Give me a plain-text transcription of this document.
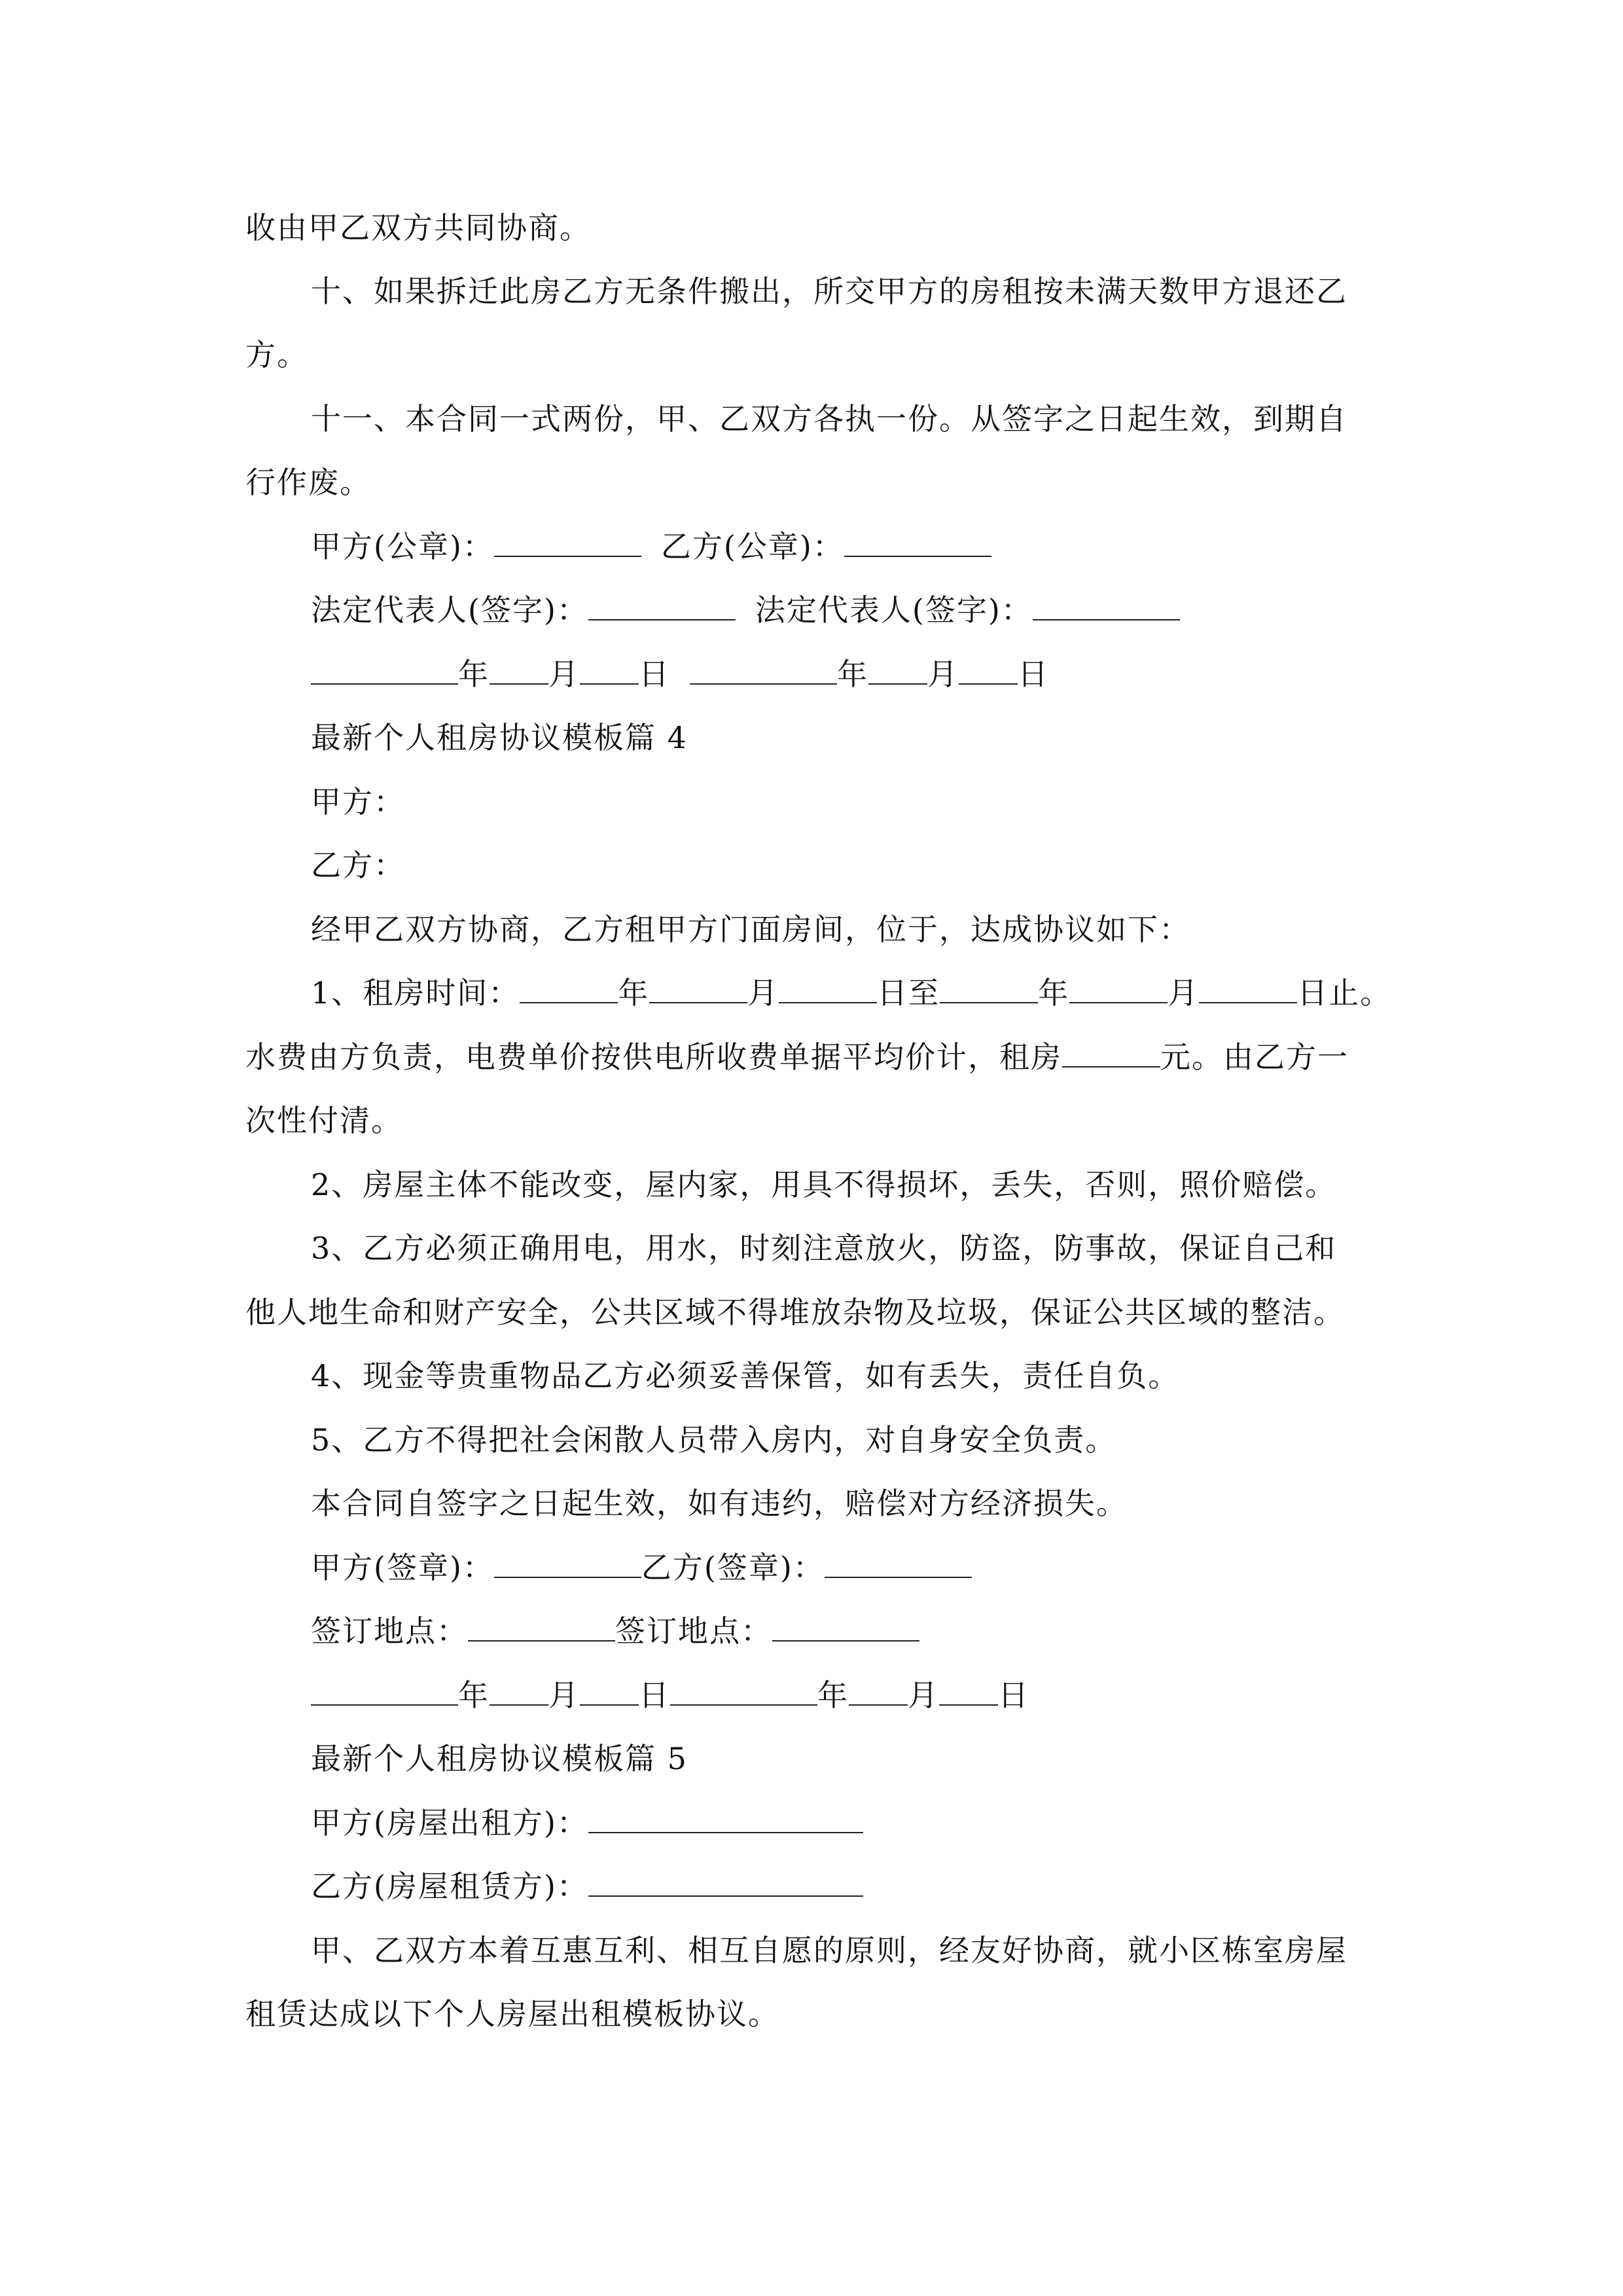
收由甲乙双方共同协商。
十、如果拆迁此房乙方无条件搬出，所交甲方的房租按未满天数甲方退还乙
方。
十一、本合同一式两份，甲、乙双方各执一份。从签字之日起生效，到期自
行作废。
甲方(公章)：	乙方(公章)：
法定代表人(签字)：	法定代表人(签字)：
年 月 日	年 月 日
最新个人租房协议模板篇 4
甲方：
乙方：
经甲乙双方协商，乙方租甲方门面房间，位于，达成协议如下：
1、租房时间：	年	月	日至	年	月	日止。
水费由方负责，电费单价按供电所收费单据平均价计，租房	元。由乙方一
次性付清。
2、房屋主体不能改变，屋内家，用具不得损坏，丢失，否则，照价赔偿。
3、乙方必须正确用电，用水，时刻注意放火，防盗，防事故，保证自己和
他人地生命和财产安全，公共区域不得堆放杂物及垃圾，保证公共区域的整洁。
4、现金等贵重物品乙方必须妥善保管，如有丢失，责任自负。
5、乙方不得把社会闲散人员带入房内，对自身安全负责。
本合同自签字之日起生效，如有违约，赔偿对方经济损失。
甲方(签章)：	乙方(签章)：
签订地点：	签订地点：
年 月 日	年 月 日
最新个人租房协议模板篇 5
甲方(房屋出租方)：
乙方(房屋租赁方)：
甲、乙双方本着互惠互利、相互自愿的原则，经友好协商，就小区栋室房屋
租赁达成以下个人房屋出租模板协议。
